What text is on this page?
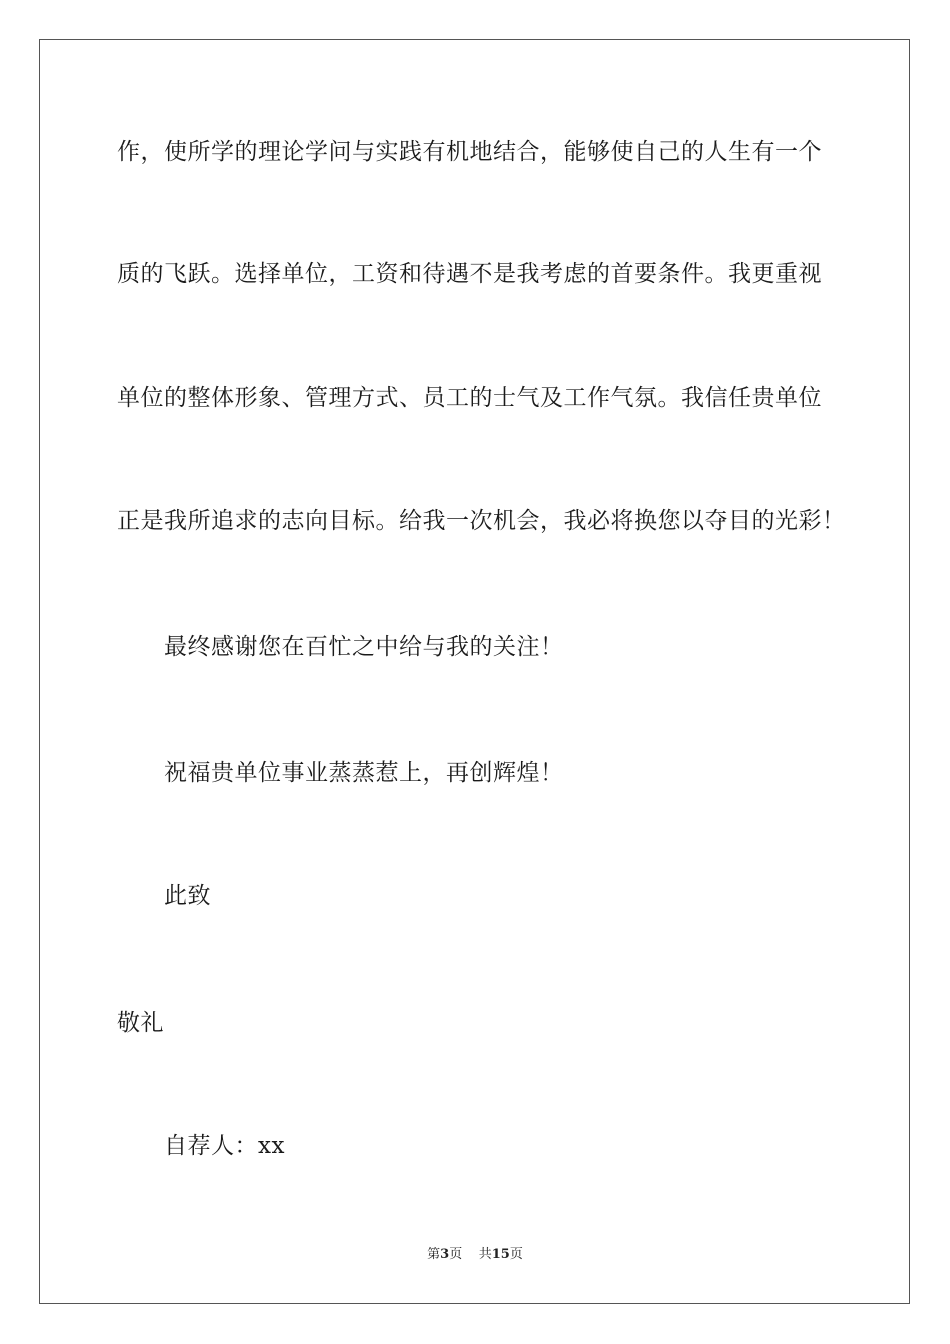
作，使所学的理论学问与实践有机地结合，能够使自己的人生有一个
质的飞跃。选择单位，工资和待遇不是我考虑的首要条件。我更重视
单位的整体形象、管理方式、员工的士气及工作气氛。我信任贵单位
正是我所追求的志向目标。给我一次机会，我必将换您以夺目的光彩！
最终感谢您在百忙之中给与我的关注！
祝福贵单位事业蒸蒸惹上，再创辉煌！
此致
敬礼
自荐人：xx
第3页 共15页
